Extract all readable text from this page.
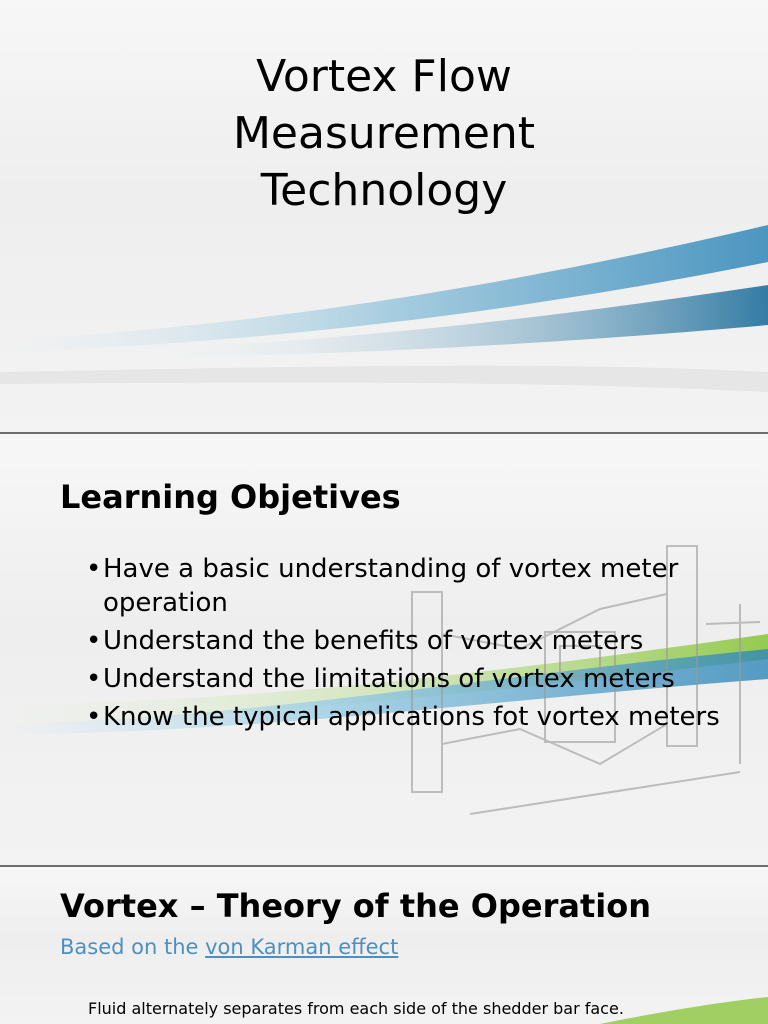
Vortex Flow
Measurement
Technology
Learning Objetives
• Have a basic understanding of vortex meter operation
• Understand the benefits of vortex meters
• Understand the limitations of vortex meters
• Know the typical applications fot vortex meters
Vortex – Theory of the Operation
Based on the von Karman effect
Fluid alternately separates from each side of the shedder bar face.
